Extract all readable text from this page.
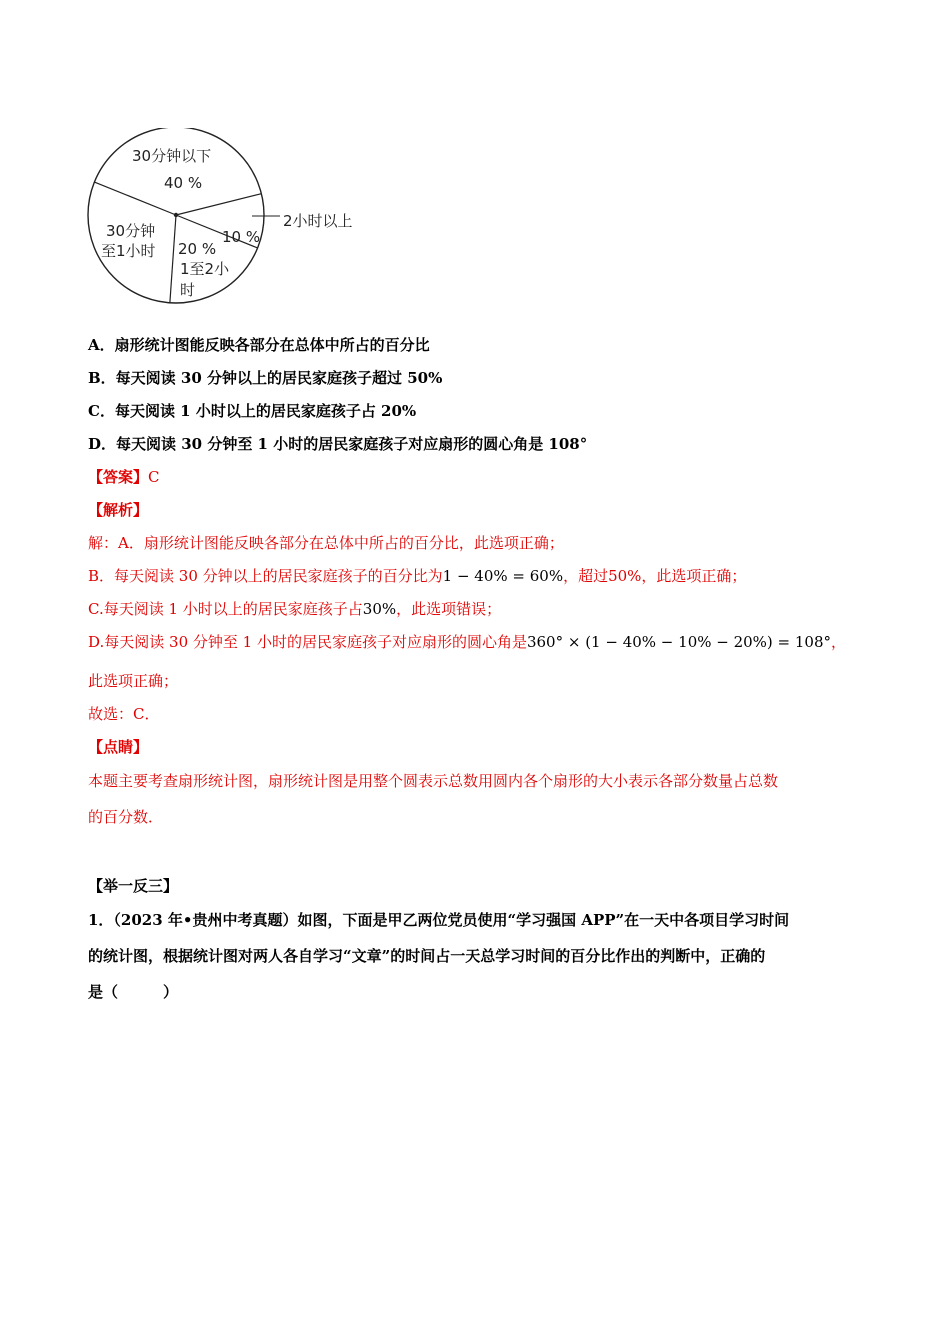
30分钟以下
40 %
2小时以上
10 %
20 %
1至2小
时
30分钟
至1小时
A．扇形统计图能反映各部分在总体中所占的百分比
B．每天阅读 30 分钟以上的居民家庭孩子超过 50%
C．每天阅读 1 小时以上的居民家庭孩子占 20%
D．每天阅读 30 分钟至 1 小时的居民家庭孩子对应扇形的圆心角是 108°
【答案】C
【解析】
解：A．扇形统计图能反映各部分在总体中所占的百分比，此选项正确；
B．每天阅读 30 分钟以上的居民家庭孩子的百分比为1 − 40% = 60%，超过50%，此选项正确；
C.每天阅读 1 小时以上的居民家庭孩子占30%，此选项错误；
D.每天阅读 30 分钟至 1 小时的居民家庭孩子对应扇形的圆心角是360° × (1 − 40% − 10% − 20%) = 108°，
此选项正确；
故选：C．
【点睛】
本题主要考查扇形统计图，扇形统计图是用整个圆表示总数用圆内各个扇形的大小表示各部分数量占总数
的百分数．
【举一反三】
1．（2023 年•贵州中考真题）如图，下面是甲乙两位党员使用“学习强国 APP”在一天中各项目学习时间
的统计图，根据统计图对两人各自学习“文章”的时间占一天总学习时间的百分比作出的判断中，正确的
是（　　　）
